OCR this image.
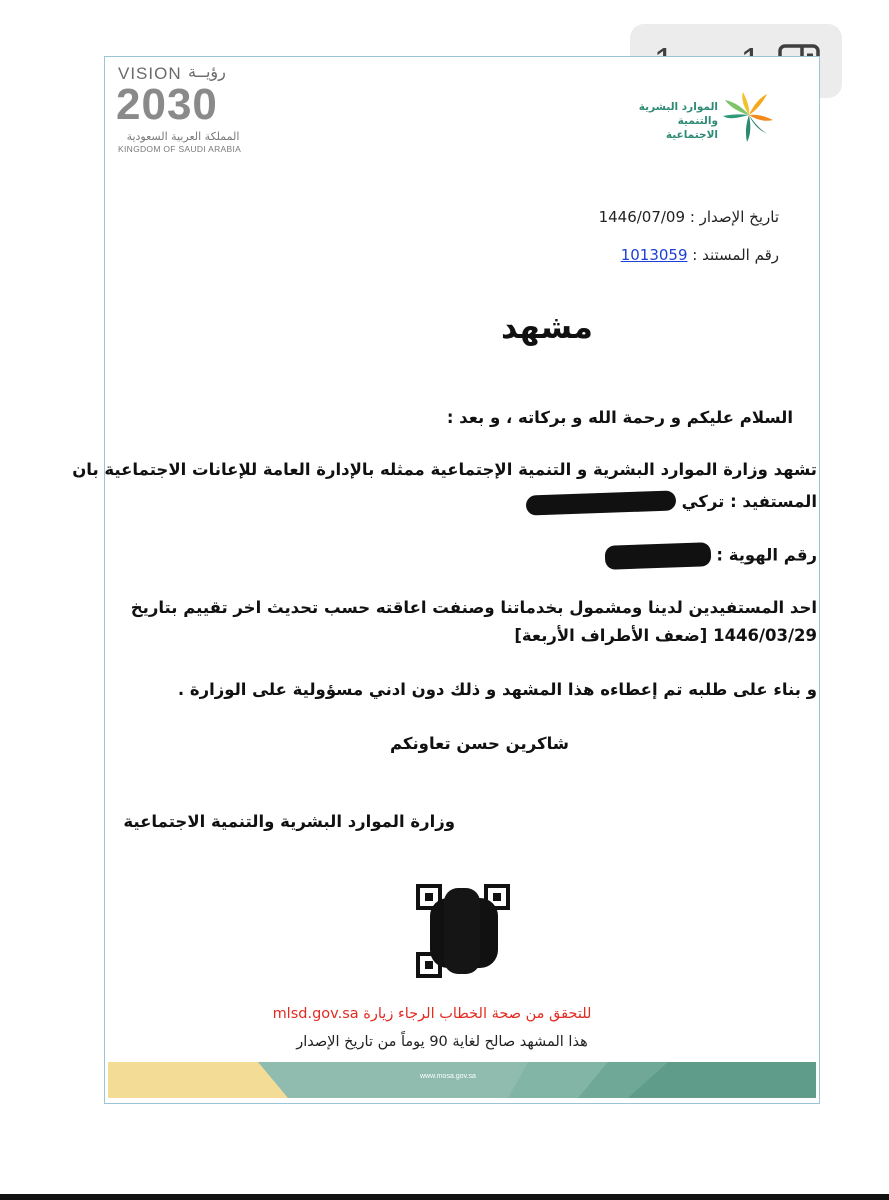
VISION رؤيــة
2030
المملكة العربية السعودية
KINGDOM OF SAUDI ARABIA
الموارد البشرية
والتنمية الاجتماعية
تاريخ الإصدار : 1446/07/09
رقم المستند : 1013059
مشهد
السلام عليكم و رحمة الله و بركاته ، و بعد :
تشهد وزارة الموارد البشرية و التنمية الإجتماعية ممثله بالإدارة العامة للإعانات الاجتماعية بان
المستفيد : تركي
رقم الهوية :
احد المستفيدين لدينا ومشمول بخدماتنا وصنفت اعاقته حسب تحديث اخر تقييم بتاريخ
1446/03/29 [ضعف الأطراف الأربعة]
و بناء على طلبه تم إعطاءه هذا المشهد و ذلك دون ادني مسؤولية على الوزارة .
شاكرين حسن تعاونكم
وزارة الموارد البشرية والتنمية الاجتماعية
للتحقق من صحة الخطاب الرجاء زيارة mlsd.gov.sa
هذا المشهد صالح لغاية 90 يوماً من تاريخ الإصدار
www.mosa.gov.sa
